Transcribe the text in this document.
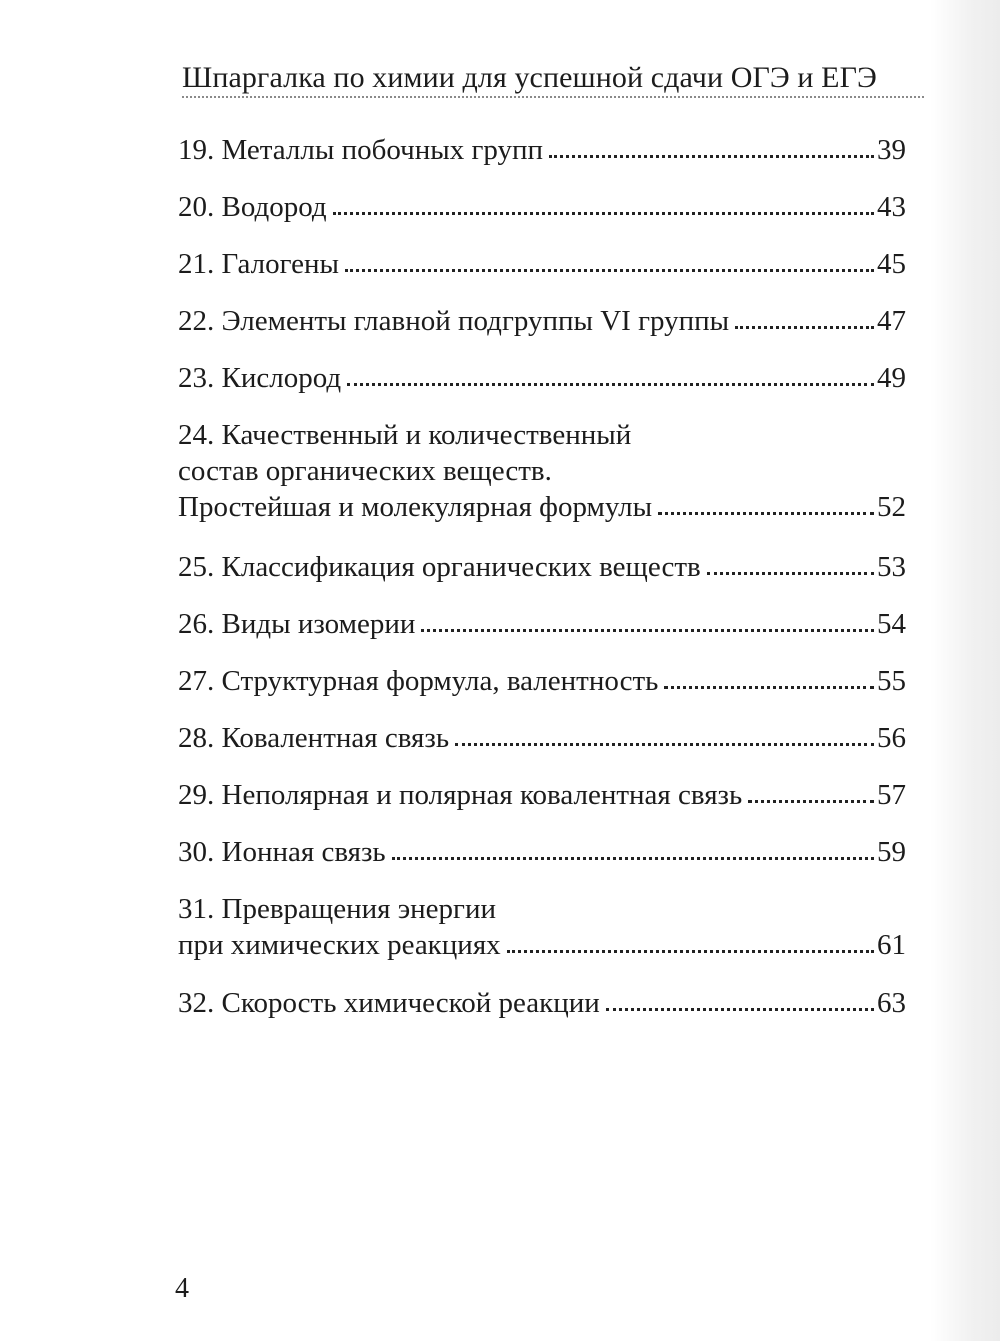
Шпаргалка по химии для успешной сдачи ОГЭ и ЕГЭ
19. Металлы побочных групп	39
20. Водород	43
21. Галогены	45
22. Элементы главной подгруппы VI группы	47
23. Кислород	49
24. Качественный и количественный
состав органических веществ.
Простейшая и молекулярная формулы	52
25. Классификация органических веществ	53
26. Виды изомерии	54
27. Структурная формула, валентность	55
28. Ковалентная связь	56
29. Неполярная и полярная ковалентная связь	57
30. Ионная связь	59
31. Превращения энергии
при химических реакциях	61
32. Скорость химической реакции	63
4
